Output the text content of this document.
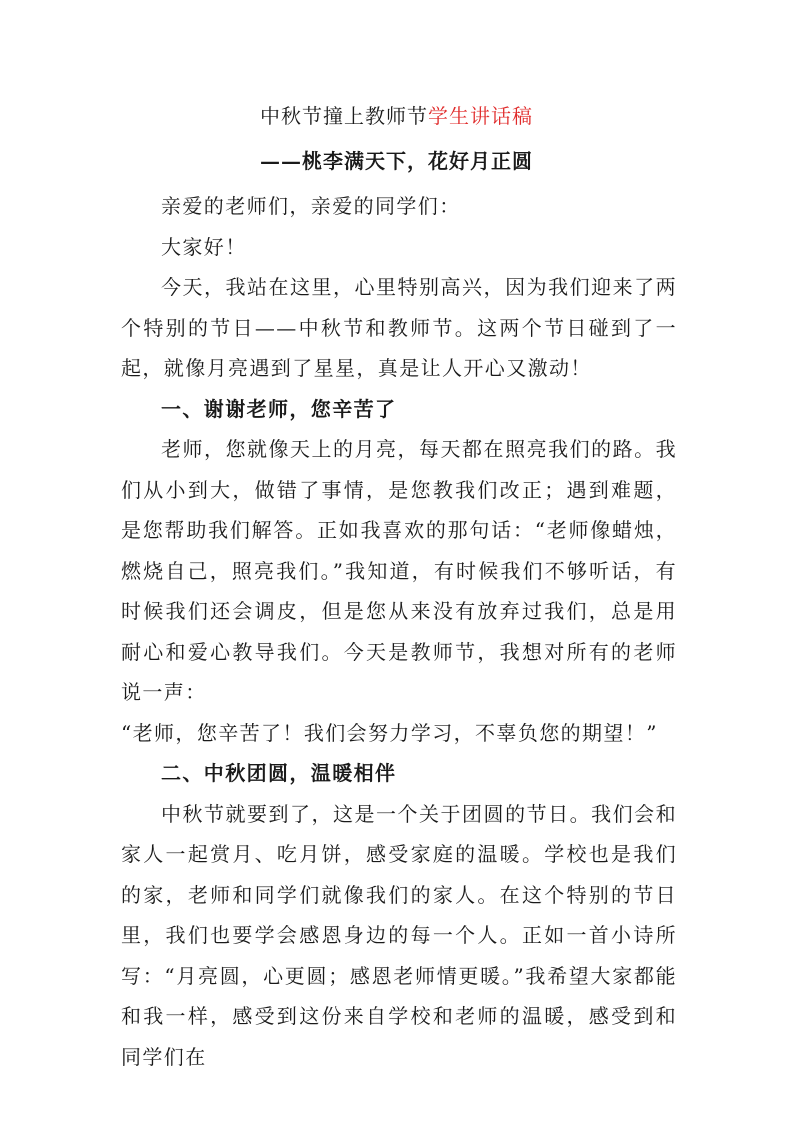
中秋节撞上教师节学生讲话稿
——桃李满天下，花好月正圆

亲爱的老师们，亲爱的同学们：

大家好！

今天，我站在这里，心里特别高兴，因为我们迎来了两个特别的节日——中秋节和教师节。这两个节日碰到了一起，就像月亮遇到了星星，真是让人开心又激动！

一、谢谢老师，您辛苦了

老师，您就像天上的月亮，每天都在照亮我们的路。我们从小到大，做错了事情，是您教我们改正；遇到难题，是您帮助我们解答。正如我喜欢的那句话：“老师像蜡烛，燃烧自己，照亮我们。”我知道，有时候我们不够听话，有时候我们还会调皮，但是您从来没有放弃过我们，总是用耐心和爱心教导我们。今天是教师节，我想对所有的老师说一声：

“老师，您辛苦了！我们会努力学习，不辜负您的期望！”

二、中秋团圆，温暖相伴

中秋节就要到了，这是一个关于团圆的节日。我们会和家人一起赏月、吃月饼，感受家庭的温暖。学校也是我们的家，老师和同学们就像我们的家人。在这个特别的节日里，我们也要学会感恩身边的每一个人。正如一首小诗所写：“月亮圆，心更圆；感恩老师情更暖。”我希望大家都能和我一样，感受到这份来自学校和老师的温暖，感受到和同学们在
